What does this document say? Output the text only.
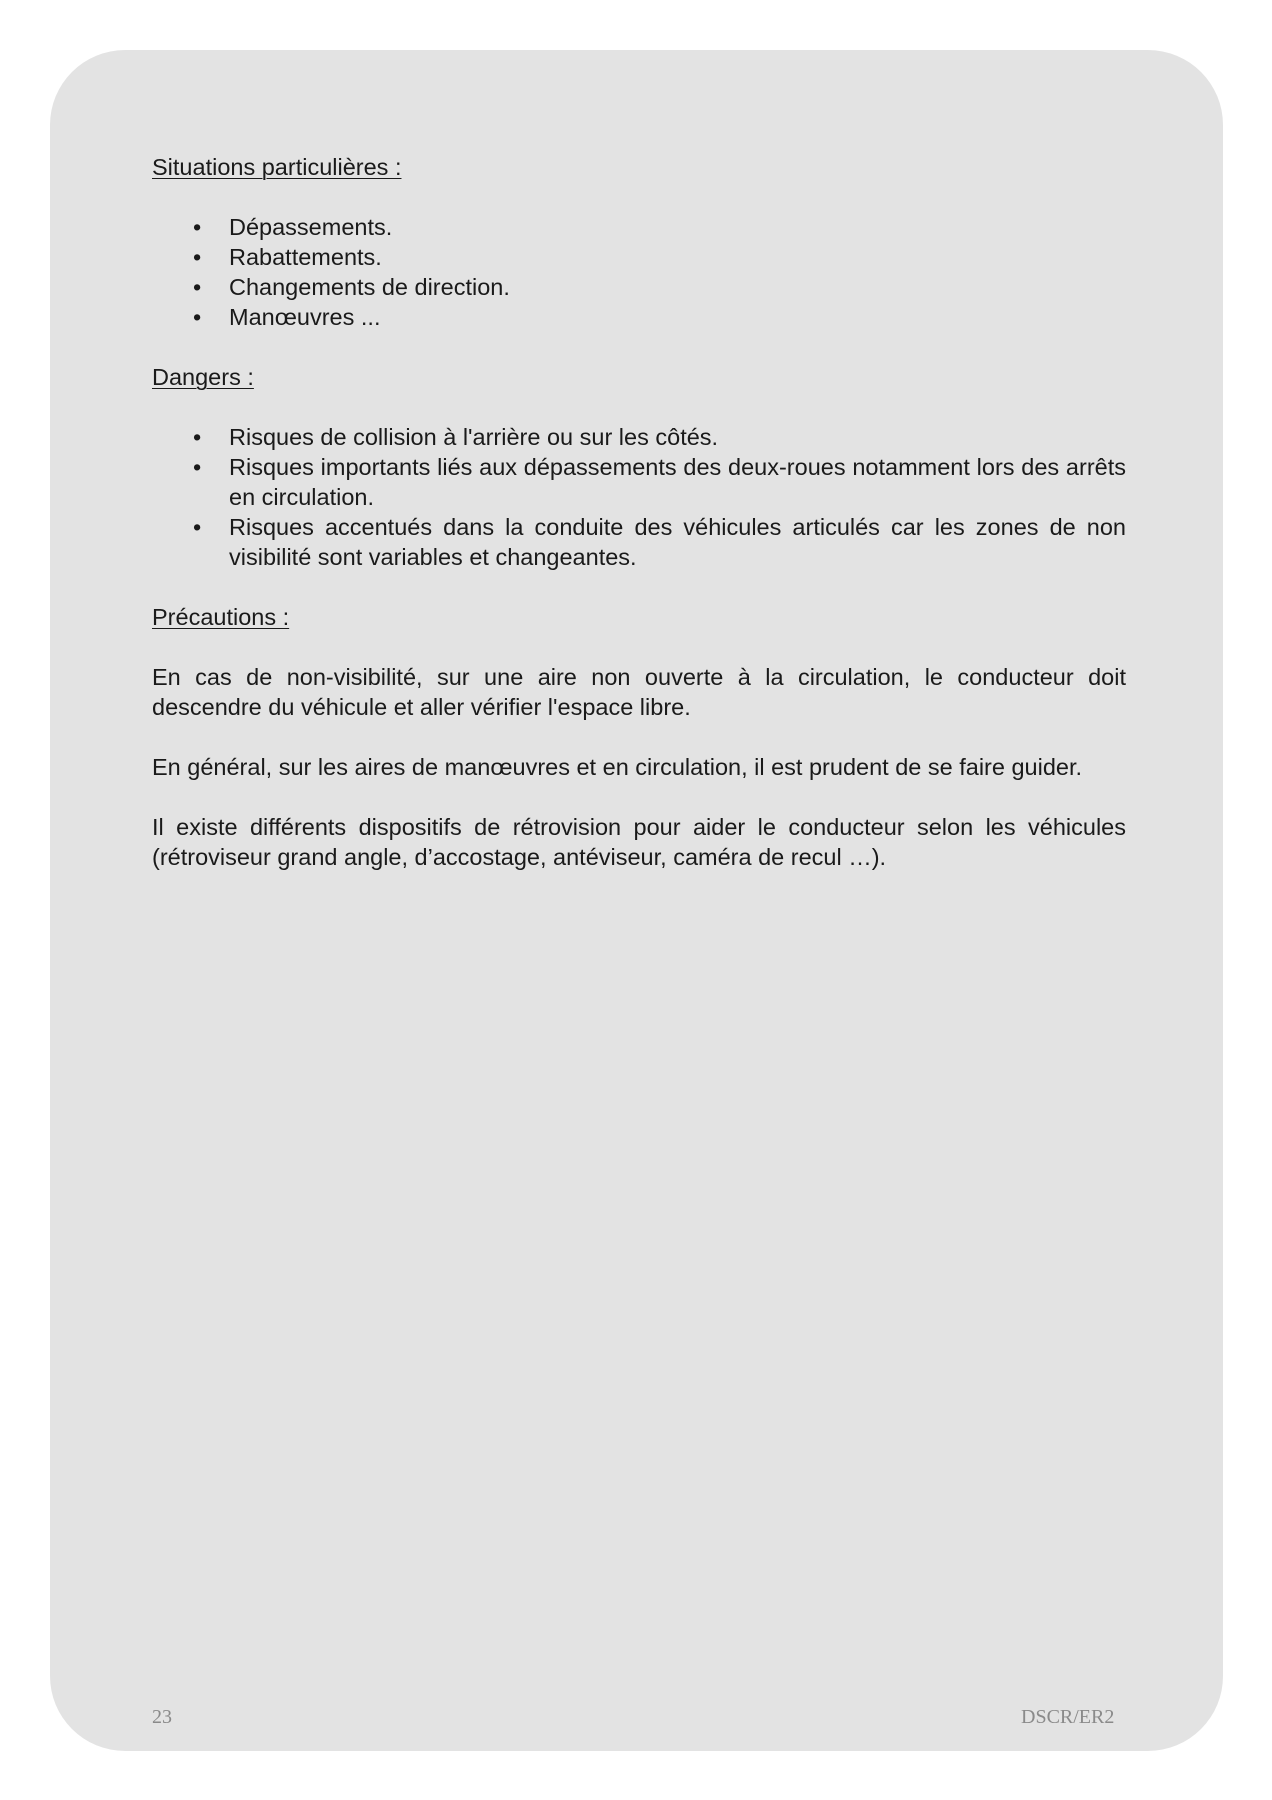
Situations particulières :

• Dépassements.
• Rabattements.
• Changements de direction.
• Manœuvres ...

Dangers :

• Risques de collision à l'arrière ou sur les côtés.
• Risques importants liés aux dépassements des deux-roues notamment lors des arrêts en circulation.
• Risques accentués dans la conduite des véhicules articulés car les zones de non visibilité sont variables et changeantes.

Précautions :

En cas de non-visibilité, sur une aire non ouverte à la circulation, le conducteur doit descendre du véhicule et aller vérifier l'espace libre.

En général, sur les aires de manœuvres et en circulation, il est prudent de se faire guider.

Il existe différents dispositifs de rétrovision pour aider le conducteur selon les véhicules (rétroviseur grand angle, d’accostage, antéviseur, caméra de recul …).

23	DSCR/ER2
